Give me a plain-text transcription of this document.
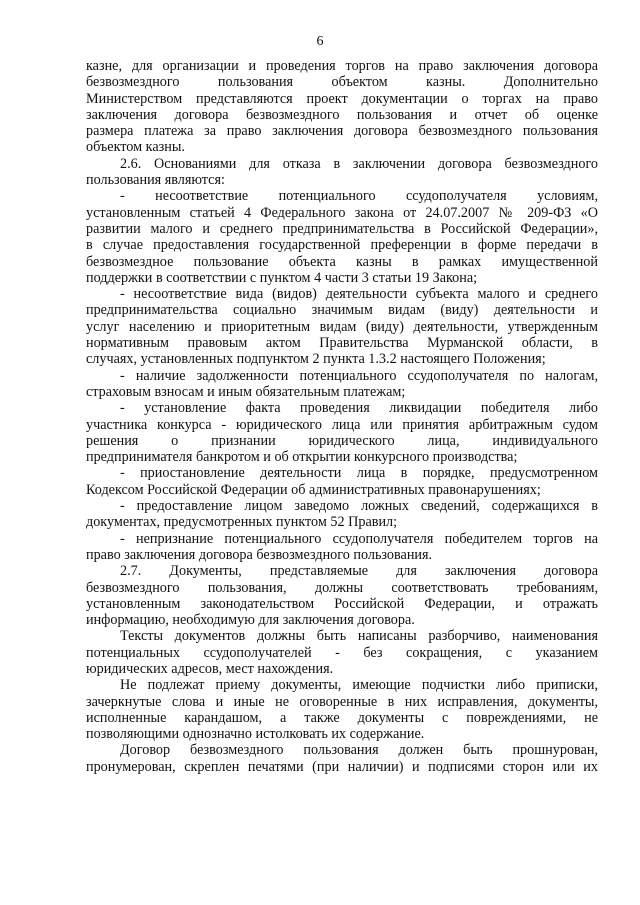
6
казне, для организации и проведения торгов на право заключения договора
безвозмездного пользования объектом казны. Дополнительно
Министерством представляются проект документации о торгах на право
заключения договора безвозмездного пользования и отчет об оценке
размера платежа за право заключения договора безвозмездного пользования
объектом казны.
2.6. Основаниями для отказа в заключении договора безвозмездного
пользования являются:
- несоответствие потенциального ссудополучателя условиям,
установленным статьей 4 Федерального закона от 24.07.2007 № 209-ФЗ «О
развитии малого и среднего предпринимательства в Российской Федерации»,
в случае предоставления государственной преференции в форме передачи в
безвозмездное пользование объекта казны в рамках имущественной
поддержки в соответствии с пунктом 4 части 3 статьи 19 Закона;
- несоответствие вида (видов) деятельности субъекта малого и среднего
предпринимательства социально значимым видам (виду) деятельности и
услуг населению и приоритетным видам (виду) деятельности, утвержденным
нормативным правовым актом Правительства Мурманской области, в
случаях, установленных подпунктом 2 пункта 1.3.2 настоящего Положения;
- наличие задолженности потенциального ссудополучателя по налогам,
страховым взносам и иным обязательным платежам;
- установление факта проведения ликвидации победителя либо
участника конкурса - юридического лица или принятия арбитражным судом
решения о признании юридического лица, индивидуального
предпринимателя банкротом и об открытии конкурсного производства;
- приостановление деятельности лица в порядке, предусмотренном
Кодексом Российской Федерации об административных правонарушениях;
- предоставление лицом заведомо ложных сведений, содержащихся в
документах, предусмотренных пунктом 52 Правил;
- непризнание потенциального ссудополучателя победителем торгов на
право заключения договора безвозмездного пользования.
2.7. Документы, представляемые для заключения договора
безвозмездного пользования, должны соответствовать требованиям,
установленным законодательством Российской Федерации, и отражать
информацию, необходимую для заключения договора.
Тексты документов должны быть написаны разборчиво, наименования
потенциальных ссудополучателей - без сокращения, с указанием
юридических адресов, мест нахождения.
Не подлежат приему документы, имеющие подчистки либо приписки,
зачеркнутые слова и иные не оговоренные в них исправления, документы,
исполненные карандашом, а также документы с повреждениями, не
позволяющими однозначно истолковать их содержание.
Договор безвозмездного пользования должен быть прошнурован,
пронумерован, скреплен печатями (при наличии) и подписями сторон или их
